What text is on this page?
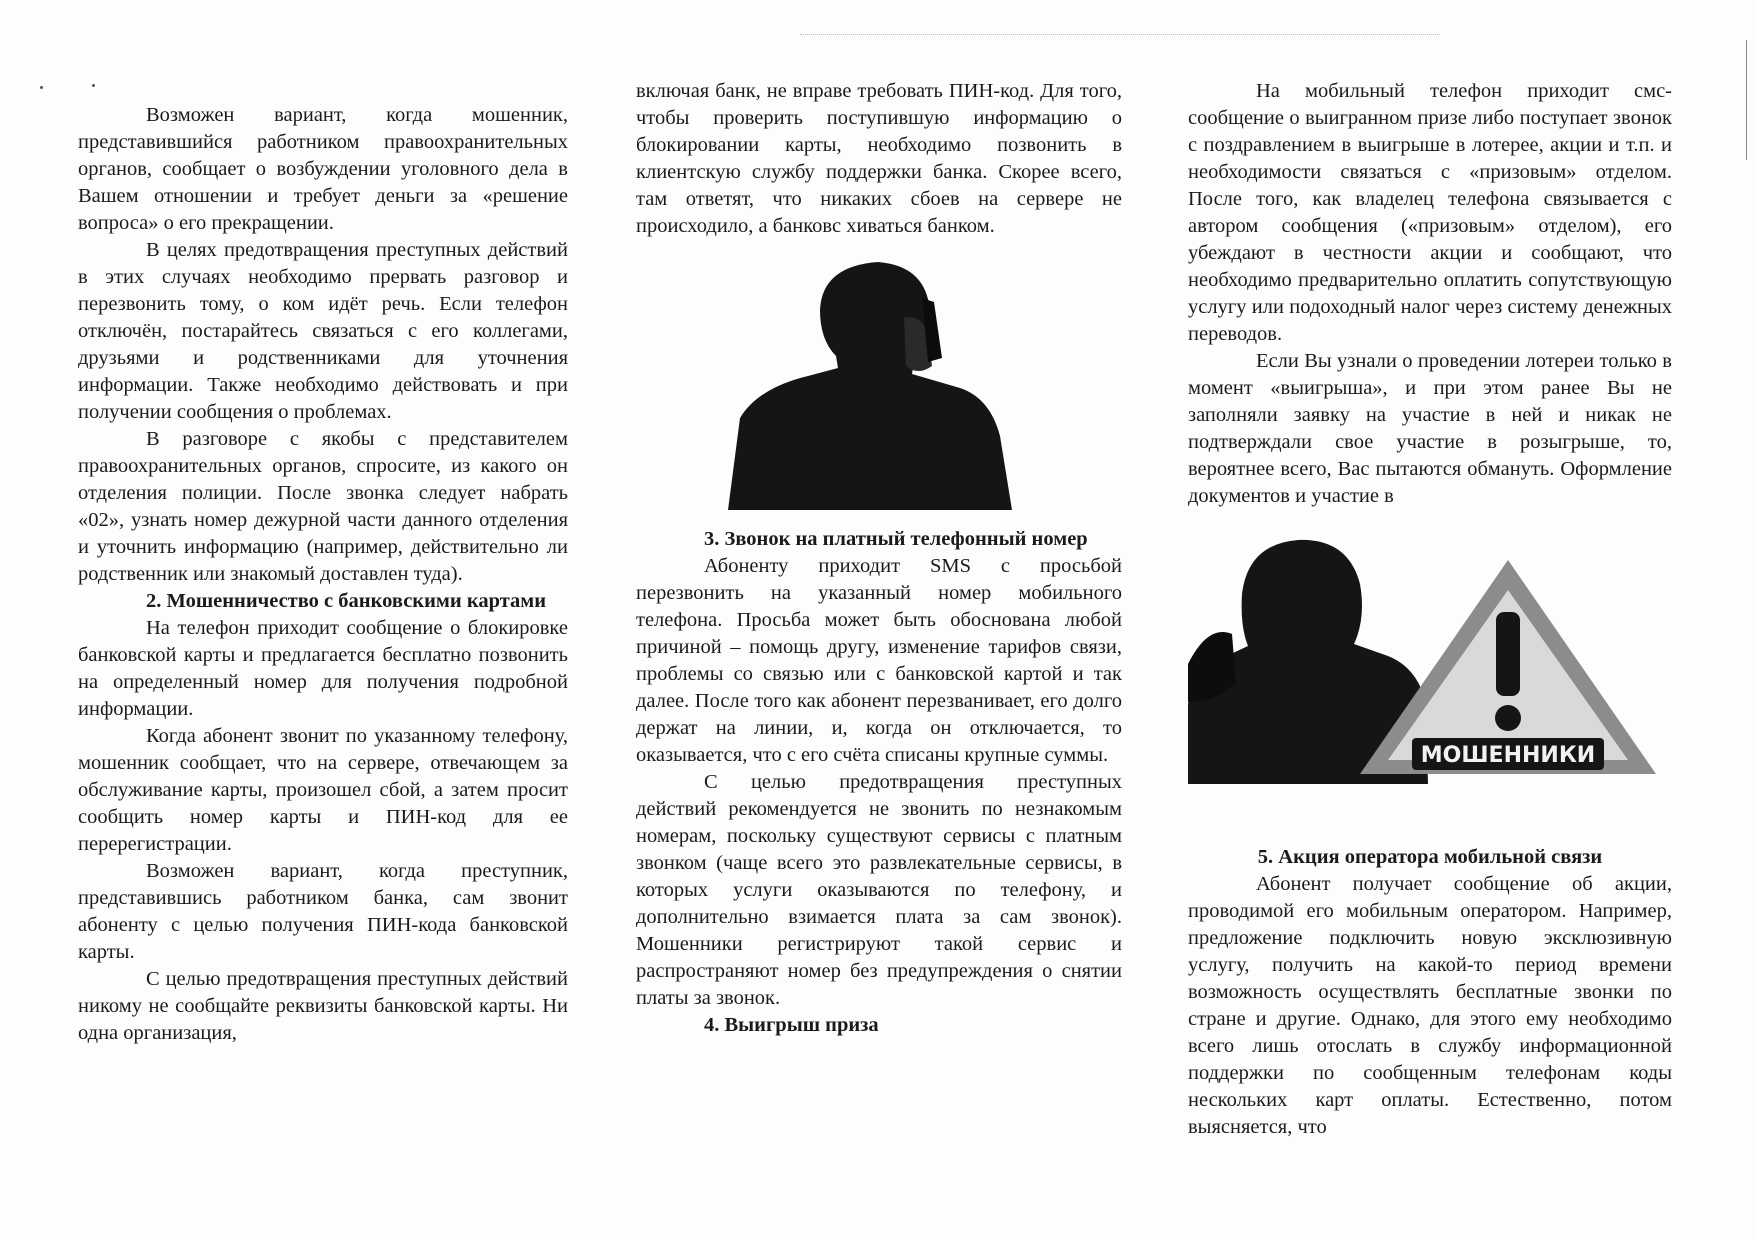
Возможен вариант, когда мошенник, представившийся работником правоохранительных органов, сообщает о возбуждении уголовного дела в Вашем отношении и требует деньги за «решение вопроса» о его прекращении.

В целях предотвращения преступных действий в этих случаях необходимо прервать разговор и перезвонить тому, о ком идёт речь. Если телефон отключён, постарайтесь связаться с его коллегами, друзьями и родственниками для уточнения информации. Также необходимо действовать и при получении сообщения о проблемах.

В разговоре с якобы с представителем правоохранительных органов, спросите, из какого он отделения полиции. После звонка следует набрать «02», узнать номер дежурной части данного отделения и уточнить информацию (например, действительно ли родственник или знакомый доставлен туда).

2. Мошенничество с банковскими картами

На телефон приходит сообщение о блокировке банковской карты и предлагается бесплатно позвонить на определенный номер для получения подробной информации.

Когда абонент звонит по указанному телефону, мошенник сообщает, что на сервере, отвечающем за обслуживание карты, произошел сбой, а затем просит сообщить номер карты и ПИН-код для ее перерегистрации.

Возможен вариант, когда преступник, представившись работником банка, сам звонит абоненту с целью получения ПИН-кода банковской карты.

С целью предотвращения преступных действий никому не сообщайте реквизиты банковской карты. Ни одна организация,

включая банк, не вправе требовать ПИН-код. Для того, чтобы проверить поступившую информацию о блокировании карты, необходимо позвонить в клиентскую службу поддержки банка. Скорее всего, там ответят, что никаких сбоев на сервере не происходило, а банковс хиваться банком.

3. Звонок на платный телефонный номер

Абоненту приходит SMS с просьбой перезвонить на указанный номер мобильного телефона. Просьба может быть обоснована любой причиной – помощь другу, изменение тарифов связи, проблемы со связью или с банковской картой и так далее. После того как абонент перезванивает, его долго держат на линии, и, когда он отключается, то оказывается, что с его счёта списаны крупные суммы.

С целью предотвращения преступных действий рекомендуется не звонить по незнакомым номерам, поскольку существуют сервисы с платным звонком (чаще всего это развлекательные сервисы, в которых услуги оказываются по телефону, и дополнительно взимается плата за сам звонок). Мошенники регистрируют такой сервис и распространяют номер без предупреждения о снятии платы за звонок.

4. Выигрыш приза

На мобильный телефон приходит смс-сообщение о выигранном призе либо поступает звонок с поздравлением в выигрыше в лотерее, акции и т.п. и необходимости связаться с «призовым» отделом. После того, как владелец телефона связывается с автором сообщения («призовым» отделом), его убеждают в честности акции и сообщают, что необходимо предварительно оплатить сопутствующую услугу или подоходный налог через систему денежных переводов.

Если Вы узнали о проведении лотереи только в момент «выигрыша», и при этом ранее Вы не заполняли заявку на участие в ней и никак не подтверждали свое участие в розыгрыше, то, вероятнее всего, Вас пытаются обмануть. Оформление документов и участие в

5. Акция оператора мобильной связи

Абонент получает сообщение об акции, проводимой его мобильным оператором. Например, предложение подключить новую эксклюзивную услугу, получить на какой-то период времени возможность осуществлять бесплатные звонки по стране и другие. Однако, для этого ему необходимо всего лишь отослать в службу информационной поддержки по сообщенным телефонам коды нескольких карт оплаты. Естественно, потом выясняется, что

МОШЕННИКИ
